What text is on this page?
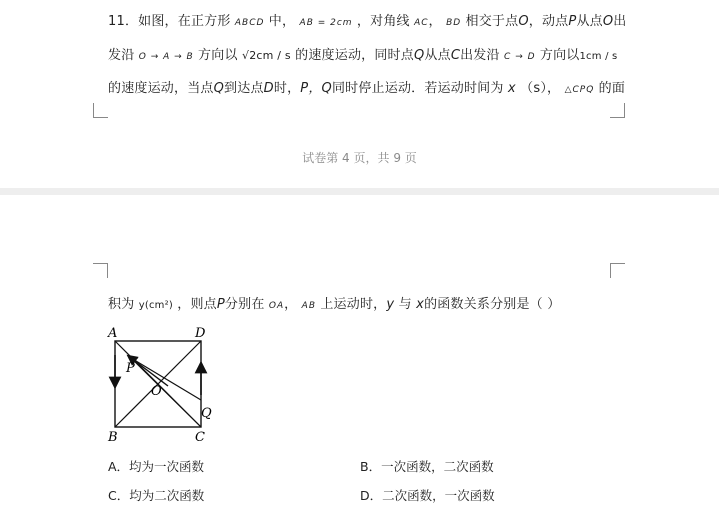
11．如图，在正方形 ABCD 中， AB = 2cm ，对角线 AC， BD 相交于点O，动点P从点O出
发沿 O → A → B 方向以 √2cm / s 的速度运动，同时点Q从点C出发沿 C → D 方向以1cm / s
的速度运动，当点Q到达点D时，P，Q同时停止运动．若运动时间为 x （s）， △CPQ 的面
试卷第 4 页，共 9 页
积为 y(cm²) ，则点P分别在 OA， AB 上运动时，y 与 x的函数关系分别是（ ）
A	D
B	C
O
P
Q
A．均为一次函数	B．一次函数，二次函数
C．均为二次函数	D．二次函数，一次函数
